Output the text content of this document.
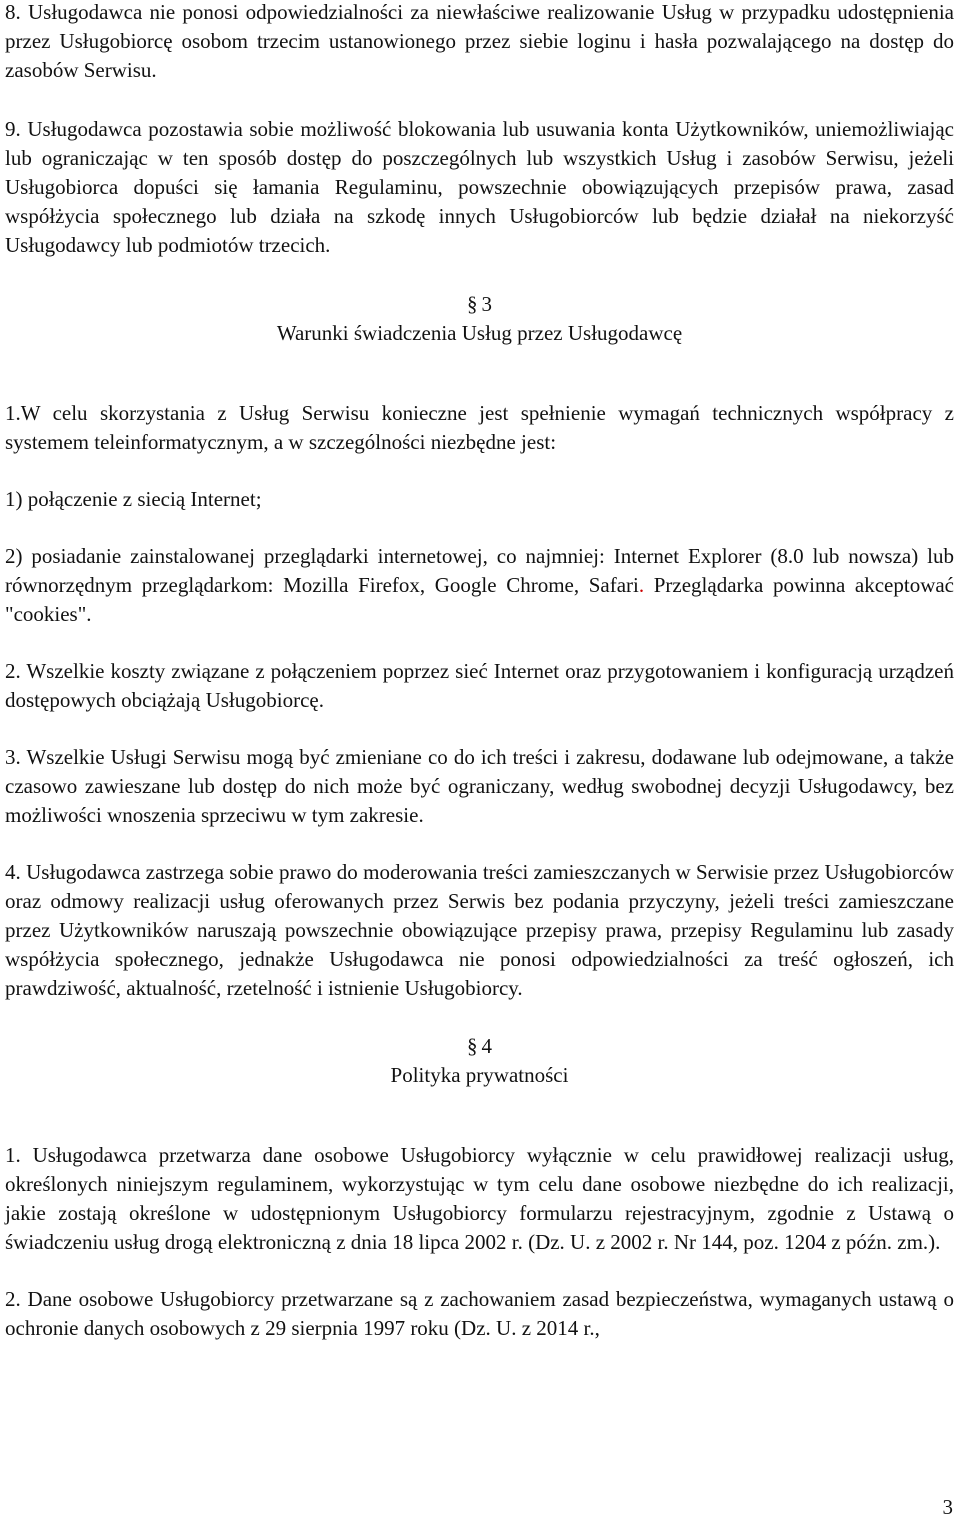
8. Usługodawca nie ponosi odpowiedzialności za niewłaściwe realizowanie Usług w przypadku udostępnienia przez Usługobiorcę osobom trzecim ustanowionego przez siebie loginu i hasła pozwalającego na dostęp do zasobów Serwisu.

9. Usługodawca pozostawia sobie możliwość blokowania lub usuwania konta Użytkowników, uniemożliwiając lub ograniczając w ten sposób dostęp do poszczególnych lub wszystkich Usług i zasobów Serwisu, jeżeli Usługobiorca dopuści się łamania Regulaminu, powszechnie obowiązujących przepisów prawa, zasad współżycia społecznego lub działa na szkodę innych Usługobiorców lub będzie działał na niekorzyść Usługodawcy lub podmiotów trzecich.

§ 3
Warunki świadczenia Usług przez Usługodawcę

1.W celu skorzystania z Usług Serwisu konieczne jest spełnienie wymagań technicznych współpracy z systemem teleinformatycznym, a w szczególności niezbędne jest:

1) połączenie z siecią Internet;

2) posiadanie zainstalowanej przeglądarki internetowej, co najmniej: Internet Explorer (8.0 lub nowsza) lub równorzędnym przeglądarkom: Mozilla Firefox, Google Chrome, Safari. Przeglądarka powinna akceptować "cookies".

2. Wszelkie koszty związane z połączeniem poprzez sieć Internet oraz przygotowaniem i konfiguracją urządzeń dostępowych obciążają Usługobiorcę.

3. Wszelkie Usługi Serwisu mogą być zmieniane co do ich treści i zakresu, dodawane lub odejmowane, a także czasowo zawieszane lub dostęp do nich może być ograniczany, według swobodnej decyzji Usługodawcy, bez możliwości wnoszenia sprzeciwu w tym zakresie.

4. Usługodawca zastrzega sobie prawo do moderowania treści zamieszczanych w Serwisie przez Usługobiorców oraz odmowy realizacji usług oferowanych przez Serwis bez podania przyczyny, jeżeli treści zamieszczane przez Użytkowników naruszają powszechnie obowiązujące przepisy prawa, przepisy Regulaminu lub zasady współżycia społecznego, jednakże Usługodawca nie ponosi odpowiedzialności za treść ogłoszeń, ich prawdziwość, aktualność, rzetelność i istnienie Usługobiorcy.

§ 4
Polityka prywatności

1. Usługodawca przetwarza dane osobowe Usługobiorcy wyłącznie w celu prawidłowej realizacji usług, określonych niniejszym regulaminem, wykorzystując w tym celu dane osobowe niezbędne do ich realizacji, jakie zostają określone w udostępnionym Usługobiorcy formularzu rejestracyjnym, zgodnie z Ustawą o świadczeniu usług drogą elektroniczną z dnia 18 lipca 2002 r. (Dz. U. z 2002 r. Nr 144, poz. 1204 z późn. zm.).

2. Dane osobowe Usługobiorcy przetwarzane są z zachowaniem zasad bezpieczeństwa, wymaganych ustawą o ochronie danych osobowych z 29 sierpnia 1997 roku (Dz. U. z 2014 r.,

3
